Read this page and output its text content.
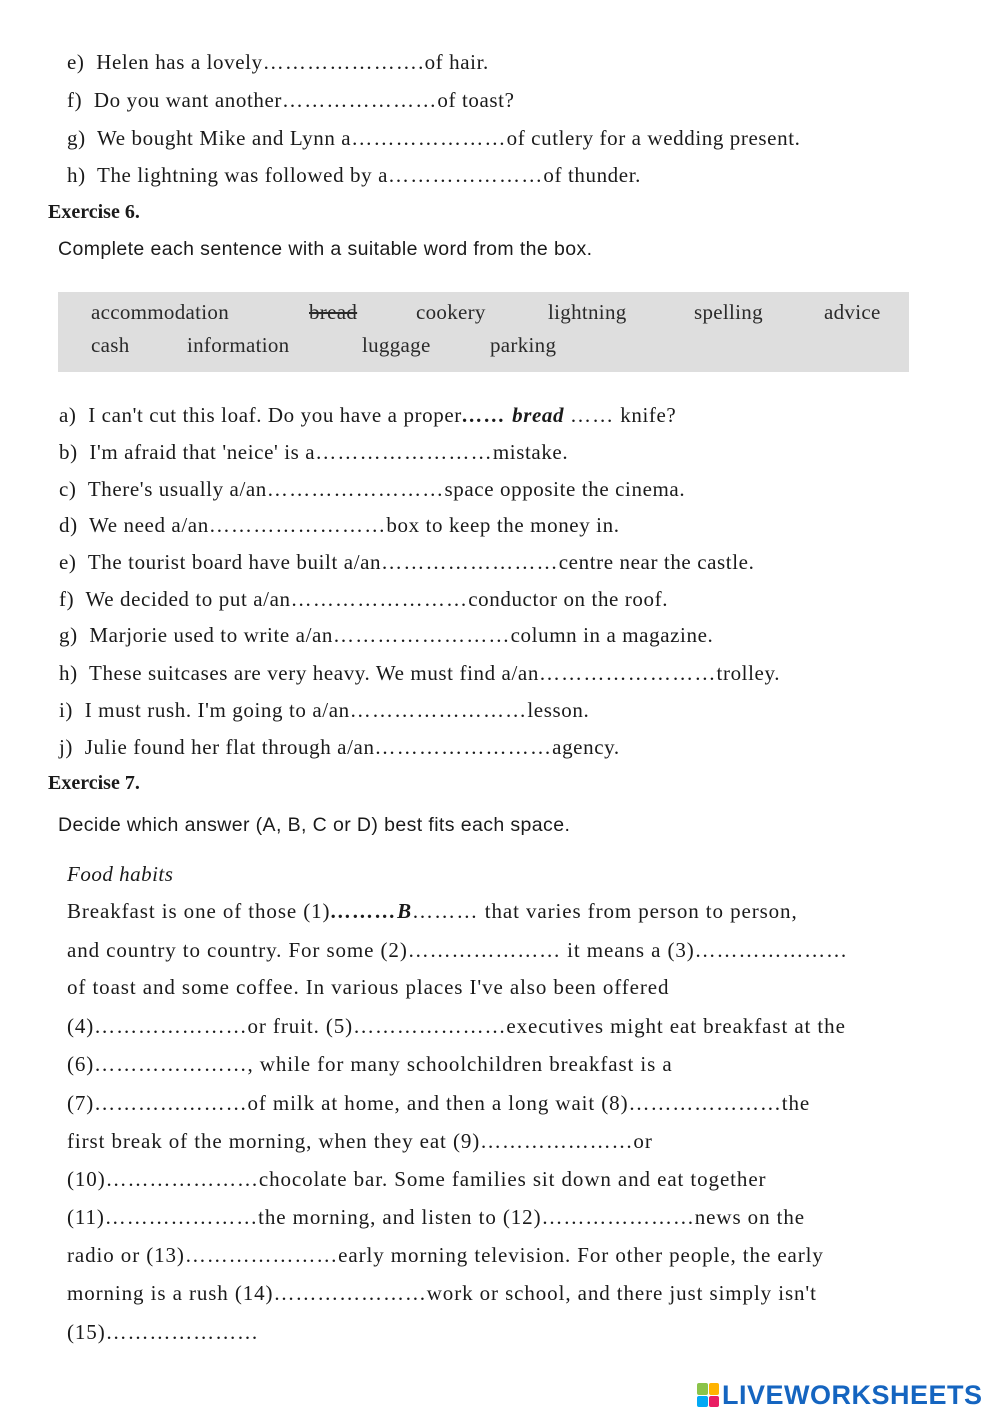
e) Helen has a lovely………………….of hair.
f) Do you want another…………………of toast?
g) We bought Mike and Lynn a…………………of cutlery for a wedding present.
h) The lightning was followed by a…………………of thunder.
Exercise 6.
Complete each sentence with a suitable word from the box.
accommodation	bread	cookery	lightning	spelling	advice
cash	information	luggage	parking
a) I can't cut this loaf. Do you have a proper…… bread …… knife?
b) I'm afraid that 'neice' is a……………………mistake.
c) There's usually a/an……………………space opposite the cinema.
d) We need a/an……………………box to keep the money in.
e) The tourist board have built a/an……………………centre near the castle.
f) We decided to put a/an……………………conductor on the roof.
g) Marjorie used to write a/an……………………column in a magazine.
h) These suitcases are very heavy. We must find a/an……………………trolley.
i) I must rush. I'm going to a/an……………………lesson.
j) Julie found her flat through a/an……………………agency.
Exercise 7.
Decide which answer (A, B, C or D) best fits each space.
Food habits
Breakfast is one of those (1)………B……… that varies from person to person,
and country to country. For some (2)………………… it means a (3)…………………
of toast and some coffee. In various places I've also been offered
(4)…………………or fruit. (5)…………………executives might eat breakfast at the
(6)…………………, while for many schoolchildren breakfast is a
(7)…………………of milk at home, and then a long wait (8)…………………the
first break of the morning, when they eat (9)…………………or
(10)…………………chocolate bar. Some families sit down and eat together
(11)…………………the morning, and listen to (12)…………………news on the
radio or (13)…………………early morning television. For other people, the early
morning is a rush (14)…………………work or school, and there just simply isn't
(15)…………………
LIVEWORKSHEETS
